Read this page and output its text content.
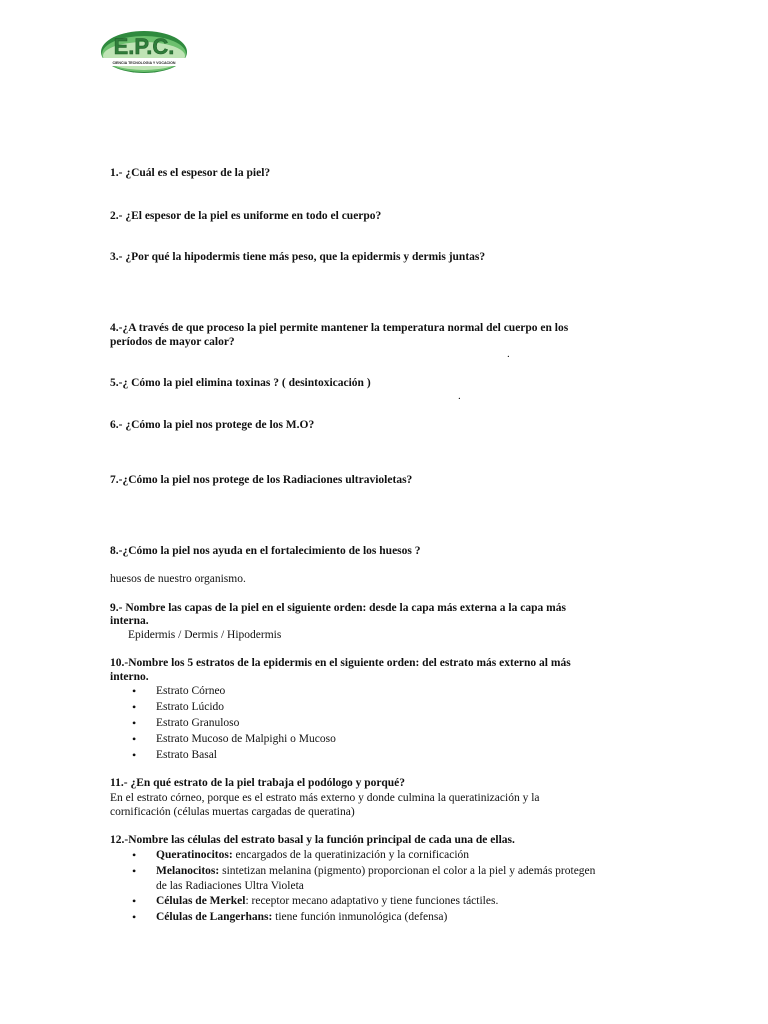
E.P.C.
CIENCIA TECNOLOGIA Y VOCACION
1.- ¿Cuál es el espesor de la piel?
2.- ¿El espesor de la piel es uniforme en todo el cuerpo?
3.- ¿Por qué la hipodermis tiene más peso, que la epidermis y dermis juntas?
4.-¿A través de que proceso la piel permite mantener la temperatura normal del cuerpo en los
períodos de mayor calor?
.
5.-¿ Cómo la piel elimina toxinas ? ( desintoxicación )
.
6.- ¿Cómo la piel nos protege de los M.O?
7.-¿Cómo la piel nos protege de los Radiaciones ultravioletas?
8.-¿Cómo la piel nos ayuda en el fortalecimiento de los huesos ?
huesos de nuestro organismo.
9.- Nombre las capas de la piel en el siguiente orden: desde la capa más externa a la capa más
interna.
Epidermis / Dermis / Hipodermis
10.-Nombre los 5 estratos de la epidermis en el siguiente orden: del estrato más externo al más
interno.
• Estrato Córneo
• Estrato Lúcido
• Estrato Granuloso
• Estrato Mucoso de Malpighi o Mucoso
• Estrato Basal
11.- ¿En qué estrato de la piel trabaja el podólogo y porqué?
En el estrato córneo, porque es el estrato más externo y donde culmina la queratinización y la
cornificación (células muertas cargadas de queratina)
12.-Nombre las células del estrato basal y la función principal de cada una de ellas.
• Queratinocitos: encargados de la queratinización y la cornificación
• Melanocitos: sintetizan melanina (pigmento) proporcionan el color a la piel y además protegen
de las Radiaciones Ultra Violeta
• Células de Merkel: receptor mecano adaptativo y tiene funciones táctiles.
• Células de Langerhans: tiene función inmunológica (defensa)
